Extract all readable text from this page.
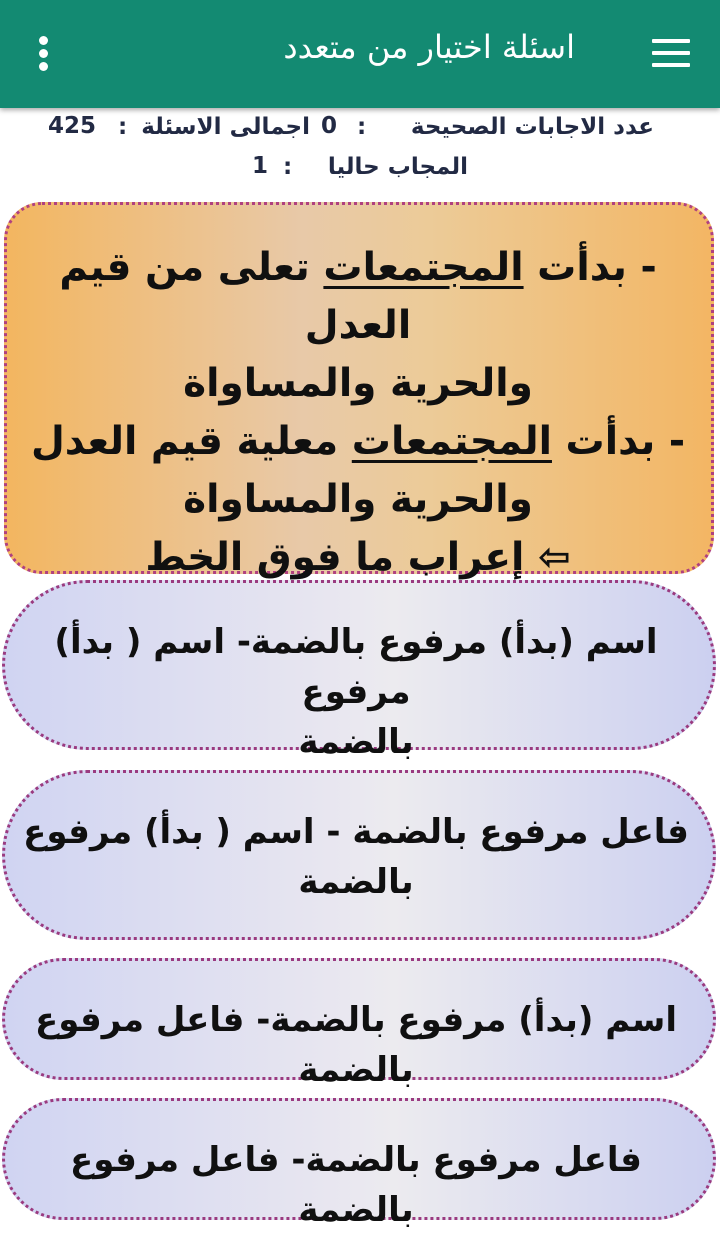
اسئلة اختيار من متعدد
عدد الاجابات الصحيحة
:
0
اجمالى الاسئلة
:
425
المجاب حاليا
:
1
- بدأت المجتمعات تعلى من قيم العدل
والحرية والمساواة
- بدأت المجتمعات معلية قيم العدل
والحرية والمساواة
⇦ إعراب ما فوق الخط
اسم (بدأ) مرفوع بالضمة- اسم ( بدأ) مرفوع
بالضمة
فاعل مرفوع بالضمة - اسم ( بدأ) مرفوع
بالضمة
اسم (بدأ) مرفوع بالضمة- فاعل مرفوع بالضمة
فاعل مرفوع بالضمة- فاعل مرفوع بالضمة
